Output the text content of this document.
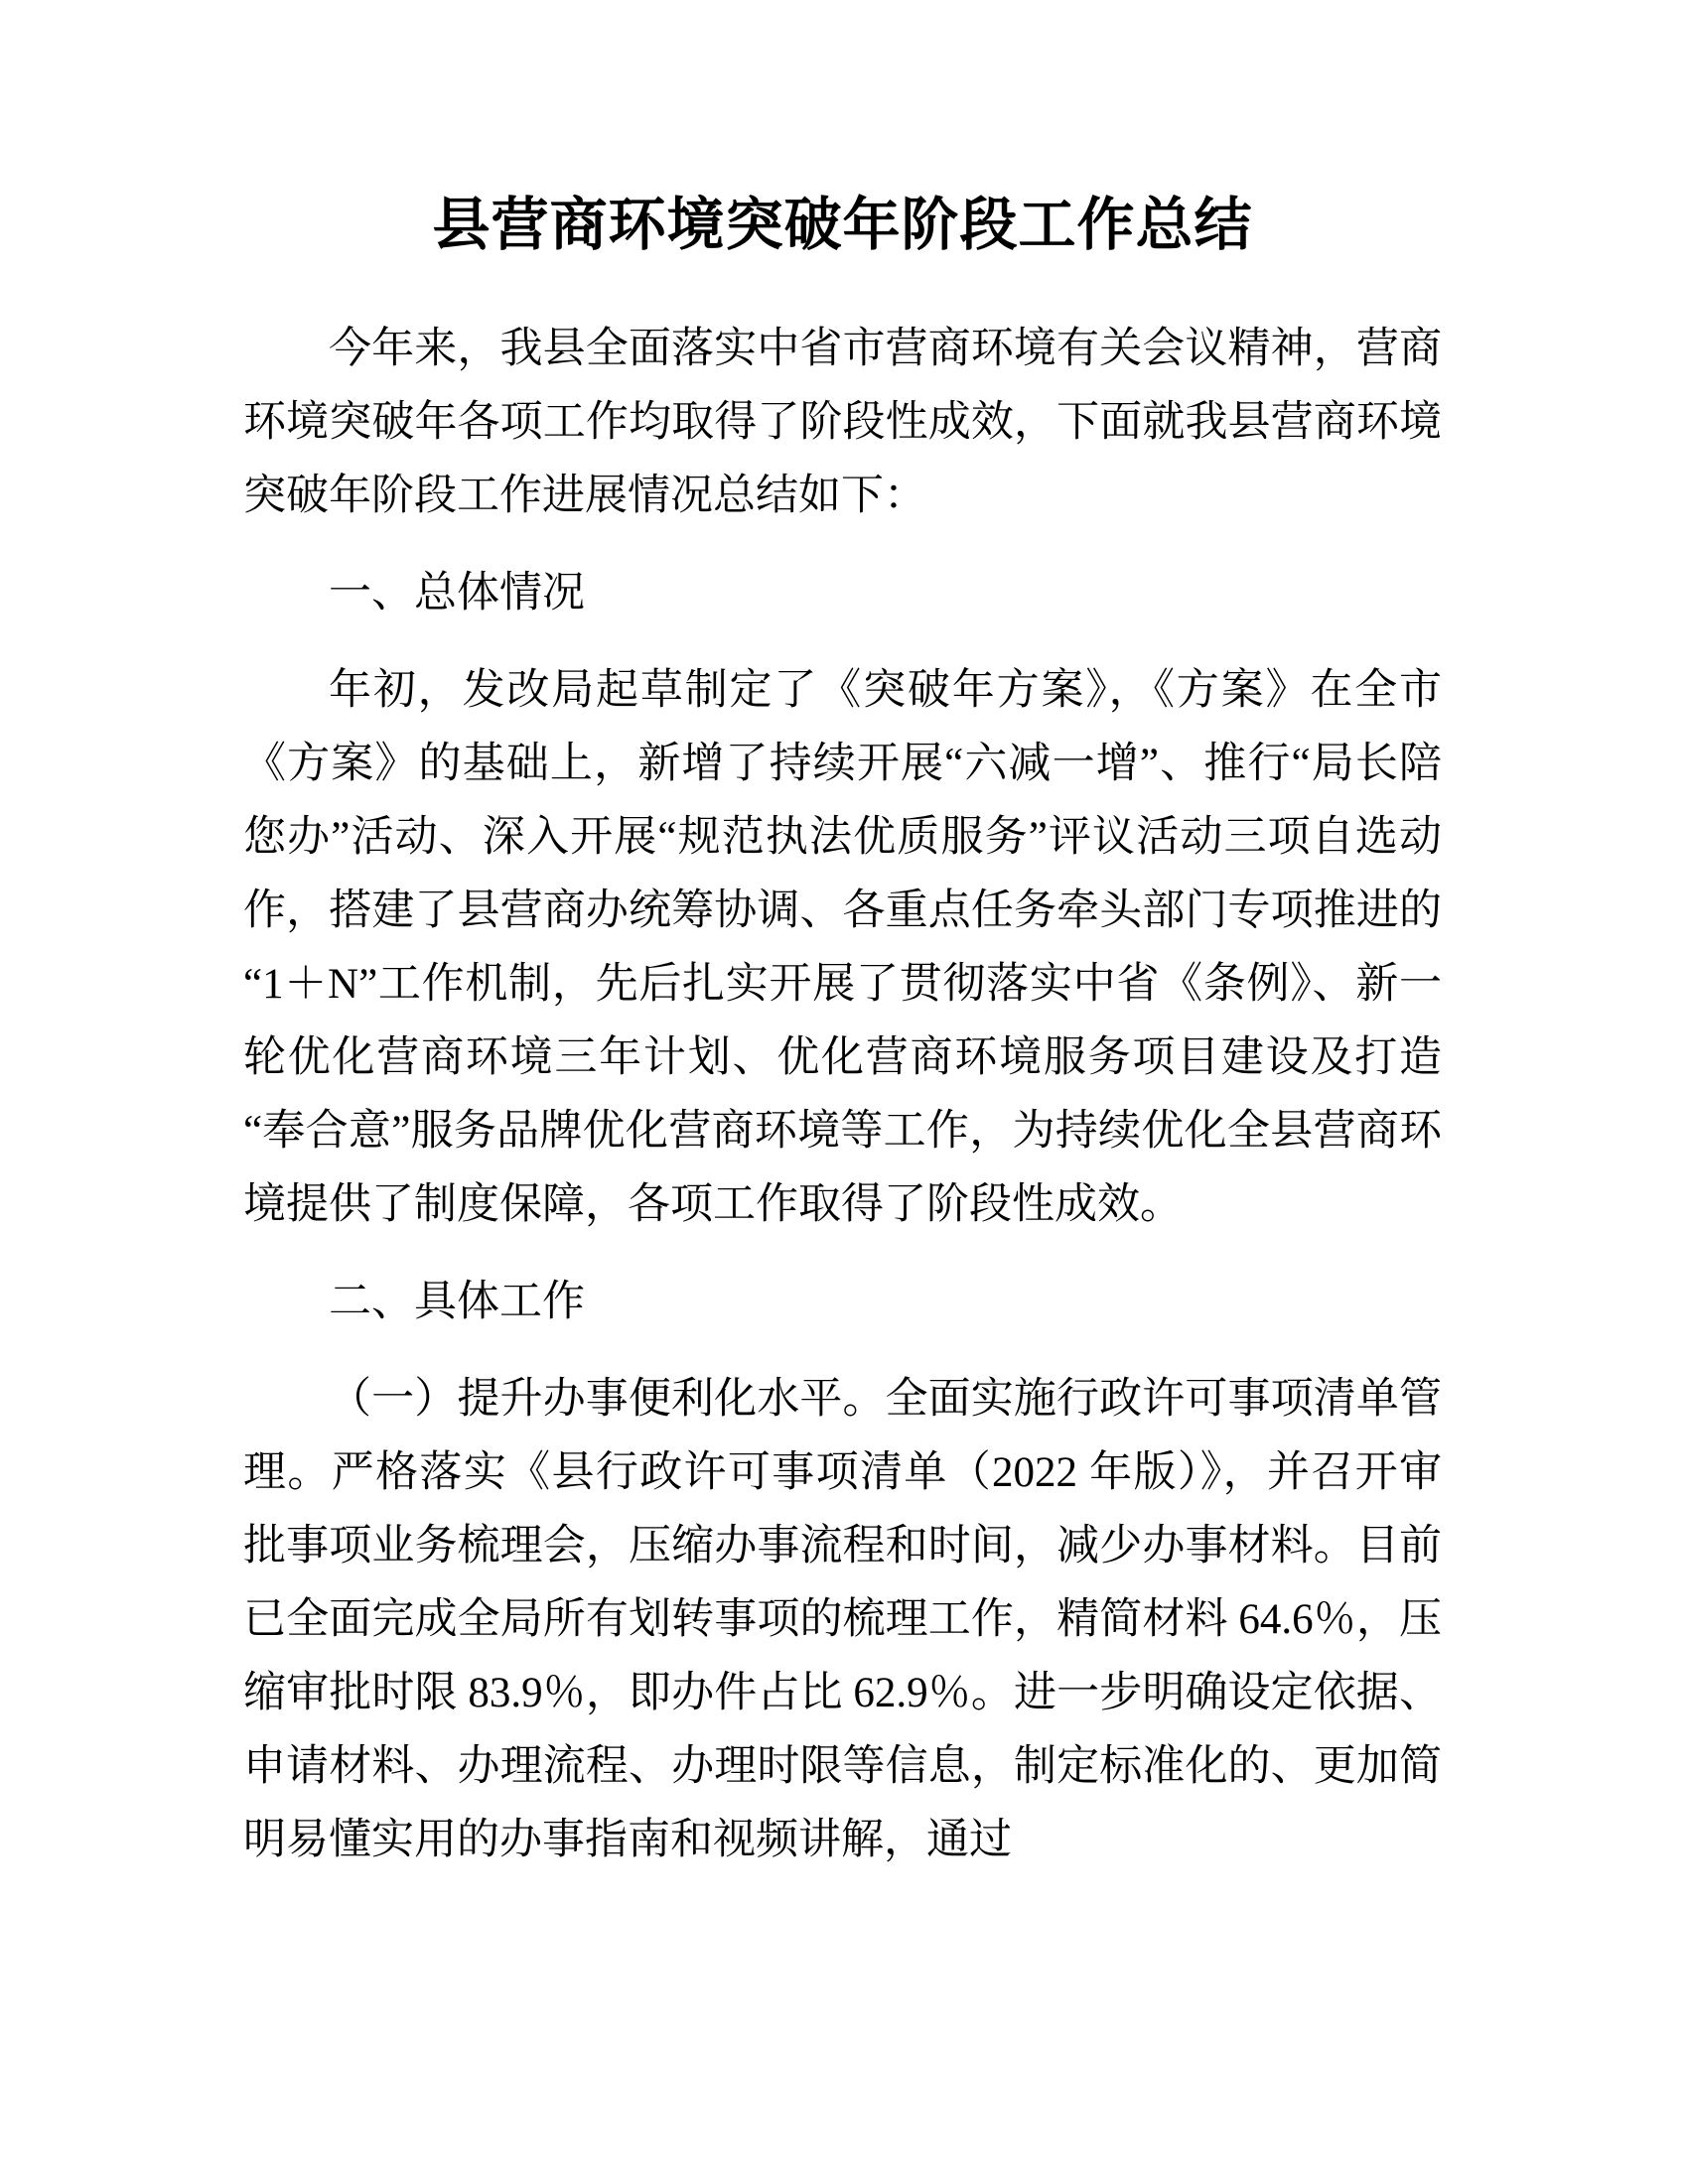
县营商环境突破年阶段工作总结

今年来，我县全面落实中省市营商环境有关会议精神，营商环境突破年各项工作均取得了阶段性成效，下面就我县营商环境突破年阶段工作进展情况总结如下：

一、总体情况

年初，发改局起草制定了《突破年方案》，《方案》在全市《方案》的基础上，新增了持续开展“六减一增”、推行“局长陪您办”活动、深入开展“规范执法优质服务”评议活动三项自选动作，搭建了县营商办统筹协调、各重点任务牵头部门专项推进的“1＋N”工作机制，先后扎实开展了贯彻落实中省《条例》、新一轮优化营商环境三年计划、优化营商环境服务项目建设及打造“奉合意”服务品牌优化营商环境等工作，为持续优化全县营商环境提供了制度保障，各项工作取得了阶段性成效。

二、具体工作

（一）提升办事便利化水平。全面实施行政许可事项清单管理。严格落实《县行政许可事项清单（2022 年版）》，并召开审批事项业务梳理会，压缩办事流程和时间，减少办事材料。目前已全面完成全局所有划转事项的梳理工作，精简材料 64.6％，压缩审批时限 83.9％，即办件占比 62.9％。进一步明确设定依据、申请材料、办理流程、办理时限等信息，制定标准化的、更加简明易懂实用的办事指南和视频讲解，通过
